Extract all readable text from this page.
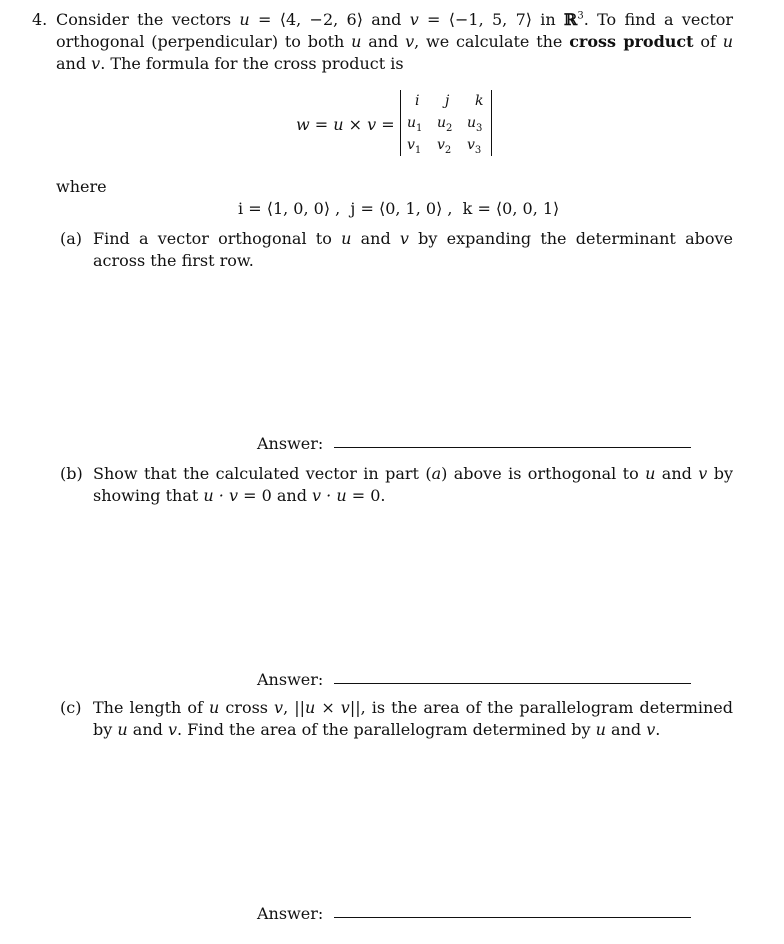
4. Consider the vectors u = ⟨4, −2, 6⟩ and v = ⟨−1, 5, 7⟩ in ℝ$^3$. To find a vector orthogonal (perpendicular) to both u and v, we calculate the cross product of u and v. The formula for the cross product is
w = u × v =
i j k
$u_1$ $u_2$ $u_3$
$v_1$ $v_2$ $v_3$
where
i = ⟨1, 0, 0⟩ , j = ⟨0, 1, 0⟩ , k = ⟨0, 0, 1⟩
(a) Find a vector orthogonal to u and v by expanding the determinant above across the first row.
Answer:
(b) Show that the calculated vector in part (a) above is orthogonal to u and v by showing that u · v = 0 and v · u = 0.
Answer:
(c) The length of u cross v, ||u × v||, is the area of the parallelogram determined by u and v. Find the area of the parallelogram determined by u and v.
Answer:
